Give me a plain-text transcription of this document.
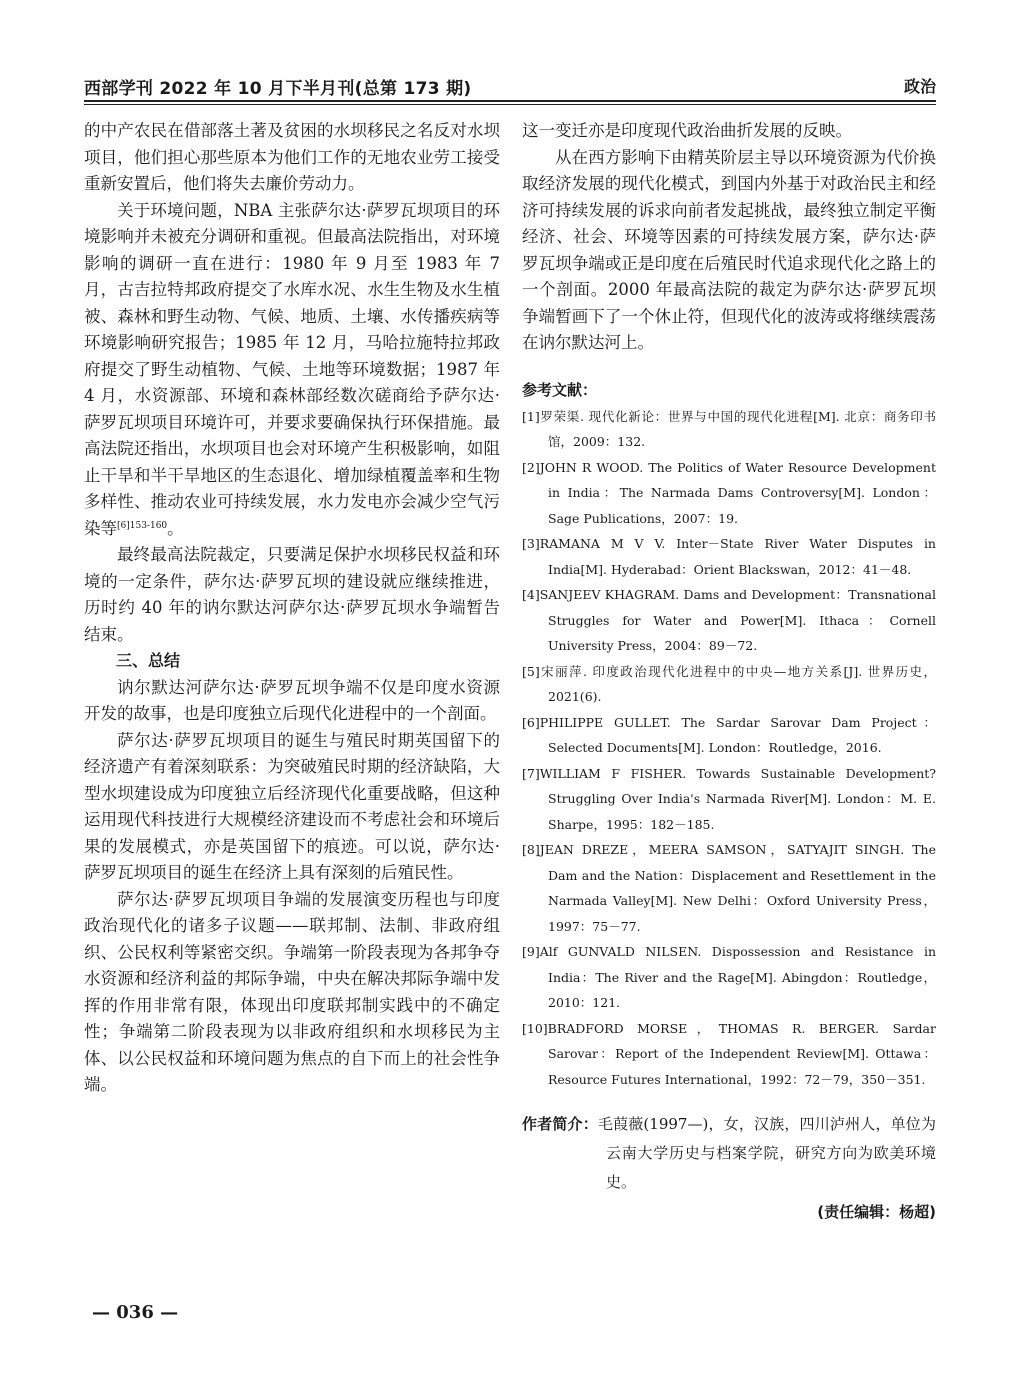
西部学刊 2022 年 10 月下半月刊(总第 173 期)	政治

的中产农民在借部落土著及贫困的水坝移民之名反对水坝项目，他们担心那些原本为他们工作的无地农业劳工接受重新安置后，他们将失去廉价劳动力。

关于环境问题，NBA 主张萨尔达·萨罗瓦坝项目的环境影响并未被充分调研和重视。但最高法院指出，对环境影响的调研一直在进行：1980 年 9 月至 1983 年 7 月，古吉拉特邦政府提交了水库水况、水生生物及水生植被、森林和野生动物、气候、地质、土壤、水传播疾病等环境影响研究报告；1985 年 12 月，马哈拉施特拉邦政府提交了野生动植物、气候、土地等环境数据；1987 年 4 月，水资源部、环境和森林部经数次磋商给予萨尔达·萨罗瓦坝项目环境许可，并要求要确保执行环保措施。最高法院还指出，水坝项目也会对环境产生积极影响，如阻止干旱和半干旱地区的生态退化、增加绿植覆盖率和生物多样性、推动农业可持续发展，水力发电亦会减少空气污染等$^{[6]153-160}$。

最终最高法院裁定，只要满足保护水坝移民权益和环境的一定条件，萨尔达·萨罗瓦坝的建设就应继续推进，历时约 40 年的讷尔默达河萨尔达·萨罗瓦坝水争端暂告结束。

三、总结

讷尔默达河萨尔达·萨罗瓦坝争端不仅是印度水资源开发的故事，也是印度独立后现代化进程中的一个剖面。

萨尔达·萨罗瓦坝项目的诞生与殖民时期英国留下的经济遗产有着深刻联系：为突破殖民时期的经济缺陷，大型水坝建设成为印度独立后经济现代化重要战略，但这种运用现代科技进行大规模经济建设而不考虑社会和环境后果的发展模式，亦是英国留下的痕迹。可以说，萨尔达·萨罗瓦坝项目的诞生在经济上具有深刻的后殖民性。

萨尔达·萨罗瓦坝项目争端的发展演变历程也与印度政治现代化的诸多子议题——联邦制、法制、非政府组织、公民权利等紧密交织。争端第一阶段表现为各邦争夺水资源和经济利益的邦际争端，中央在解决邦际争端中发挥的作用非常有限，体现出印度联邦制实践中的不确定性；争端第二阶段表现为以非政府组织和水坝移民为主体、以公民权益和环境问题为焦点的自下而上的社会性争端。

这一变迁亦是印度现代政治曲折发展的反映。

从在西方影响下由精英阶层主导以环境资源为代价换取经济发展的现代化模式，到国内外基于对政治民主和经济可持续发展的诉求向前者发起挑战，最终独立制定平衡经济、社会、环境等因素的可持续发展方案，萨尔达·萨罗瓦坝争端或正是印度在后殖民时代追求现代化之路上的一个剖面。2000 年最高法院的裁定为萨尔达·萨罗瓦坝争端暂画下了一个休止符，但现代化的波涛或将继续震荡在讷尔默达河上。

参考文献：
[1]罗荣渠. 现代化新论：世界与中国的现代化进程[M]. 北京：商务印书馆，2009：132.
[2]JOHN R WOOD. The Politics of Water Resource Development in India：The Narmada Dams Controversy[M]. London：Sage Publications，2007：19.
[3]RAMANA M V V. Inter－State River Water Disputes in India[M]. Hyderabad：Orient Blackswan，2012：41－48.
[4]SANJEEV KHAGRAM. Dams and Development：Transnational Struggles for Water and Power[M]. Ithaca：Cornell University Press，2004：89－72.
[5]宋丽萍. 印度政治现代化进程中的中央—地方关系[J]. 世界历史，2021(6).
[6]PHILIPPE GULLET. The Sardar Sarovar Dam Project：Selected Documents[M]. London：Routledge，2016.
[7]WILLIAM F FISHER. Towards Sustainable Development? Struggling Over India's Narmada River[M]. London：M. E. Sharpe，1995：182－185.
[8]JEAN DREZE，MEERA SAMSON，SATYAJIT SINGH. The Dam and the Nation：Displacement and Resettlement in the Narmada Valley[M]. New Delhi：Oxford University Press，1997：75－77.
[9]Alf GUNVALD NILSEN. Dispossession and Resistance in India：The River and the Rage[M]. Abingdon：Routledge，2010：121.
[10]BRADFORD MORSE，THOMAS R. BERGER. Sardar Sarovar：Report of the Independent Review[M]. Ottawa：Resource Futures International，1992：72－79，350－351.
作者简介：毛葭薇(1997—)，女，汉族，四川泸州人，单位为云南大学历史与档案学院，研究方向为欧美环境史。
(责任编辑：杨超)
— 036 —
